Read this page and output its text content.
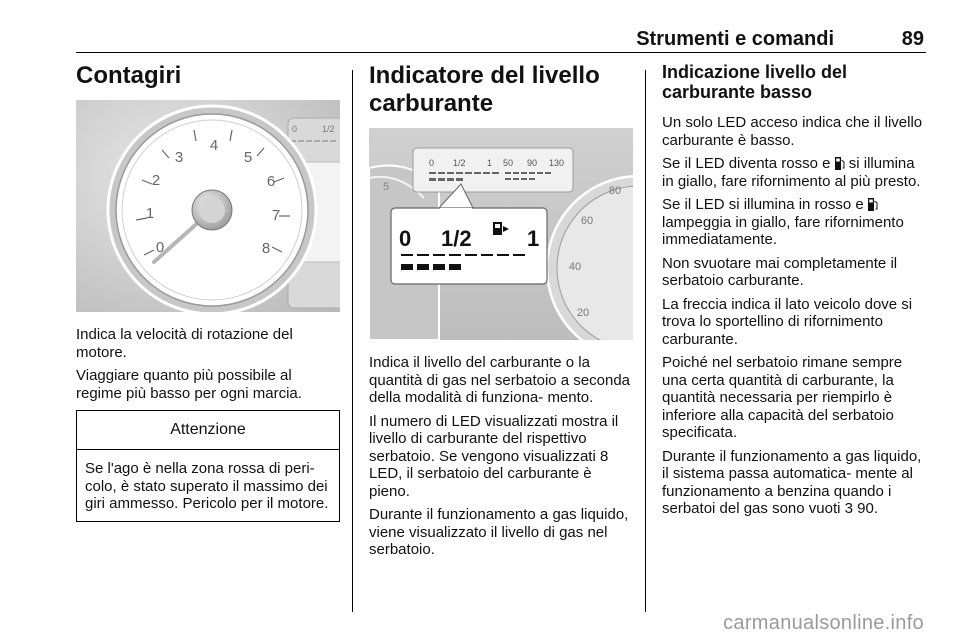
Strumenti e comandi	89
Contagiri
0	1/2
0
1
2
3
4
5
6
7
8

Indica la velocità di rotazione del motore.

Viaggiare quanto più possibile al regime più basso per ogni marcia.

Attenzione
Se l'ago è nella zona rossa di peri- colo, è stato superato il massimo dei giri ammesso. Pericolo per il motore.
Indicatore del livello carburante
5
20
40
60
80
0 1/2 1 50 90 130
0 1/2	1

Indica il livello del carburante o la quantità di gas nel serbatoio a seconda della modalità di funziona- mento.

Il numero di LED visualizzati mostra il livello di carburante del rispettivo serbatoio. Se vengono visualizzati 8 LED, il serbatoio del carburante è pieno.

Durante il funzionamento a gas liquido, viene visualizzato il livello di gas nel serbatoio.

Indicazione livello del carburante basso

Un solo LED acceso indica che il livello carburante è basso.

Se il LED diventa rosso e  si illumina in giallo, fare rifornimento al più presto.

Se il LED si illumina in rosso e  lampeggia in giallo, fare rifornimento immediatamente.

Non svuotare mai completamente il serbatoio carburante.

La freccia indica il lato veicolo dove si trova lo sportellino di rifornimento carburante.

Poiché nel serbatoio rimane sempre una certa quantità di carburante, la quantità necessaria per riempirlo è inferiore alla capacità del serbatoio specificata.

Durante il funzionamento a gas liquido, il sistema passa automatica- mente al funzionamento a benzina quando i serbatoi del gas sono vuoti 3 90.

carmanualsonline.info
